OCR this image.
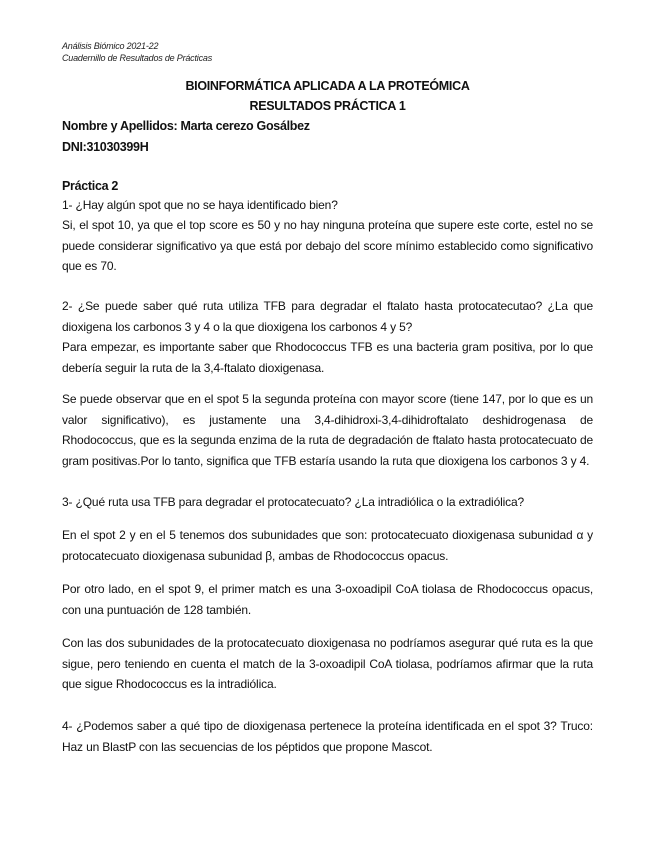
Análisis Biómico 2021-22
Cuadernillo de Resultados de Prácticas
BIOINFORMÁTICA APLICADA A LA PROTEÓMICA
RESULTADOS PRÁCTICA 1
Nombre y Apellidos: Marta cerezo Gosálbez
DNI:31030399H
Práctica 2

1- ¿Hay algún spot que no se haya identificado bien?

Si, el spot 10, ya que el top score es 50 y no hay ninguna proteína que supere este corte, estel no se puede considerar significativo ya que está por debajo del score mínimo establecido como significativo que es 70.

2- ¿Se puede saber qué ruta utiliza TFB para degradar el ftalato hasta protocatecutao? ¿La que dioxigena los carbonos 3 y 4 o la que dioxigena los carbonos 4 y 5?

Para empezar, es importante saber que Rhodococcus TFB es una bacteria gram positiva, por lo que debería seguir la ruta de la 3,4-ftalato dioxigenasa.

Se puede observar que en el spot 5 la segunda proteína con mayor score (tiene 147, por lo que es un valor significativo), es justamente una 3,4-dihidroxi-3,4-dihidroftalato deshidrogenasa de Rhodococcus, que es la segunda enzima de la ruta de degradación de ftalato hasta protocatecuato de gram positivas.Por lo tanto, significa que TFB estaría usando la ruta que dioxigena los carbonos 3 y 4.

3- ¿Qué ruta usa TFB para degradar el protocatecuato? ¿La intradiólica o la extradiólica?

En el spot 2 y en el 5 tenemos dos subunidades que son: protocatecuato dioxigenasa subunidad α y protocatecuato dioxigenasa subunidad β, ambas de Rhodococcus opacus.

Por otro lado, en el spot 9, el primer match es una 3-oxoadipil CoA tiolasa de Rhodococcus opacus, con una puntuación de 128 también.

Con las dos subunidades de la protocatecuato dioxigenasa no podríamos asegurar qué ruta es la que sigue, pero teniendo en cuenta el match de la 3-oxoadipil CoA tiolasa, podríamos afirmar que la ruta que sigue Rhodococcus es la intradiólica.

4- ¿Podemos saber a qué tipo de dioxigenasa pertenece la proteína identificada en el spot 3? Truco: Haz un BlastP con las secuencias de los péptidos que propone Mascot.
